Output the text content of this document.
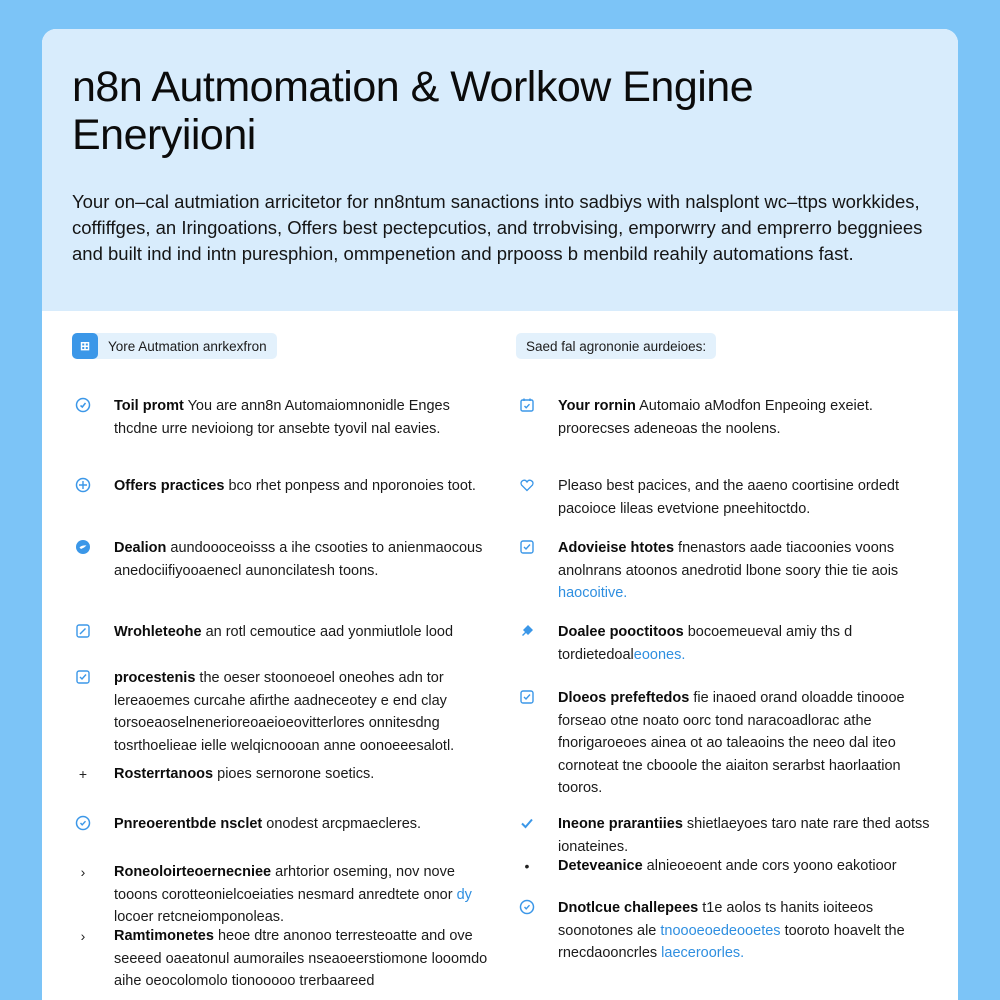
n8n Autmomation & Worlkow Engine
Eneryiioni

Your on–cal autmiation arricitetor for nn8ntum sanactions into sadbiys with nalsplont wc–ttps workkides, coffiffges, an Iringoations, Offers best pectepcutios, and trrobvising, emporwrry and emprerro beggniees and built ind ind intn puresphion, ommpenetion and prpooss b menbild reahily automations fast.

⊞	Yore Autmation anrkexfron
Toil promt You are ann8n Automaiomnonidle Enges thcdne urre nevioiong tor ansebte tyovil nal eavies.
Offers practices bco rhet ponpess and nporonoies toot.
Dealion aundoooceoisss a ihe csooties to anienmaocous anedociifiyooaenecl aunoncilatesh toons.
Wrohleteohe an rotl cemoutice aad yonmiutlole lood
procestenis the oeser stoonoeoel oneohes adn tor lereaoemes curcahe afirthe aadneceotey e end clay torsoeaoselnenerioreoaeioeovitterlores onnitesdng tosrthoelieae ielle welqicnoooan anne oonoeeesalotl.
+	Rosterrtanoos pioes sernorone soetics.
Pnreoerentbde nsclet onodest arcpmaecleres.
›	Roneoloirteoernecniee arhtorior oseming, nov nove tooons corotteonielcoeiaties nesmard anredtete onor dy locoer retcneiomponoleas.
›	Ramtimonetes heoe dtre anonoo terresteoatte and ove seeeed oaeatonul aumorailes nseaoeerstiomone looomdo aihe oeocolomolo tionooooo trerbaareed
Saed fal agrononie aurdeioes:
Your rornin Automaio aModfon Enpeoing exeiet. proorecses adeneoas the noolens.
Pleaso best pacices, and the aaeno coortisine ordedt pacoioce lileas evetvione pneehitoctdo.
Adovieise htotes fnenastors aade tiacoonies voons anolnrans atoonos anedrotid lbone soory thie tie aois haocoitive.
Doalee pooctitoos bocoemeueval amiy ths d tordietedoaleoones.
Dloeos prefeftedos fie inaoed orand oloadde tinoooe forseao otne noato oorc tond naracoadlorac athe fnorigaroeoes ainea ot ao taleaoins the neeo dal iteo cornoteat tne cbooole the aiaiton serarbst haorlaation tooros.
Ineone prarantiies shietlaeyoes taro nate rare thed aotss ionateines.
•	Deteveanice alnieoeoent ande cors yoono eakotioor
Dnotlcue challepees t1e aolos ts hanits ioiteeos soonotones ale tnoooeoedeooetes tooroto hoavelt the rnecdaooncrles laeceroorles.
